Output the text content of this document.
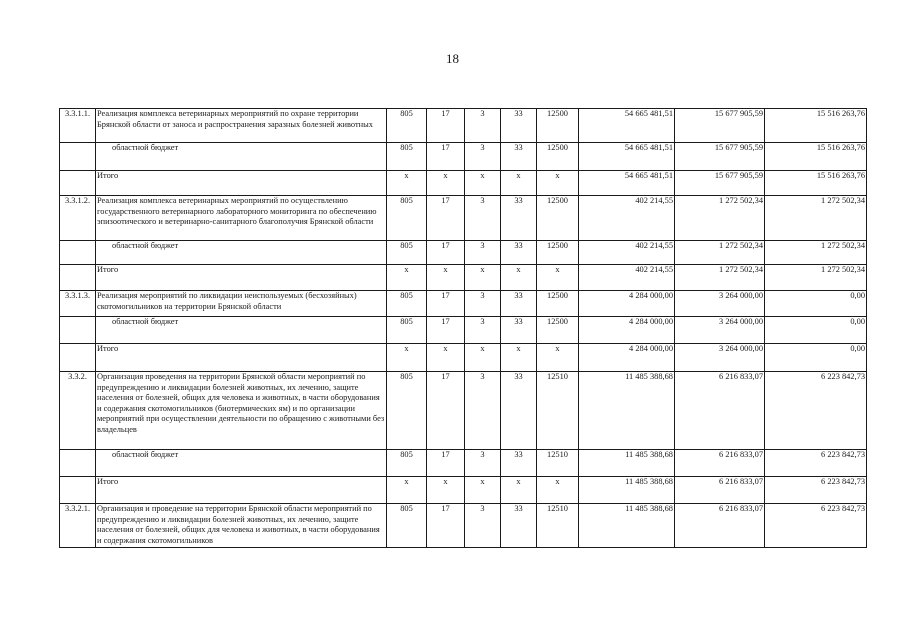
18
3.3.1.1.	Реализация комплекса ветеринарных мероприятий по охране территории Брянской области от заноса и распространения заразных болезней животных	805	17	3	33	12500	54 665 481,51	15 677 905,59	15 516 263,76
	областной бюджет	805	17	3	33	12500	54 665 481,51	15 677 905,59	15 516 263,76
	Итого	х	х	х	х	х	54 665 481,51	15 677 905,59	15 516 263,76
3.3.1.2.	Реализация комплекса ветеринарных мероприятий по осуществлению государственного ветеринарного лабораторного мониторинга по обеспечению эпизоотического и ветеринарно-санитарного благополучия Брянской области	805	17	3	33	12500	402 214,55	1 272 502,34	1 272 502,34
	областной бюджет	805	17	3	33	12500	402 214,55	1 272 502,34	1 272 502,34
	Итого	х	х	х	х	х	402 214,55	1 272 502,34	1 272 502,34
3.3.1.3.	Реализация мероприятий по ликвидации неиспользуемых (бесхозяйных) скотомогильников на территории Брянской области	805	17	3	33	12500	4 284 000,00	3 264 000,00	0,00
	областной бюджет	805	17	3	33	12500	4 284 000,00	3 264 000,00	0,00
	Итого	х	х	х	х	х	4 284 000,00	3 264 000,00	0,00
3.3.2.	Организация проведения на территории Брянской области мероприятий по предупреждению и ликвидации болезней животных, их лечению, защите населения от болезней, общих для человека и животных, в части оборудования и содержания скотомогильников (биотермических ям) и по организации мероприятий при осуществлении деятельности по обращению с животными без владельцев	805	17	3	33	12510	11 485 388,68	6 216 833,07	6 223 842,73
	областной бюджет	805	17	3	33	12510	11 485 388,68	6 216 833,07	6 223 842,73
	Итого	х	х	х	х	х	11 485 388,68	6 216 833,07	6 223 842,73
3.3.2.1.	Организация и проведение на территории Брянской области мероприятий по предупреждению и ликвидации болезней животных, их лечению, защите населения от болезней, общих для человека и животных, в части оборудования и содержания скотомогильников	805	17	3	33	12510	11 485 388,68	6 216 833,07	6 223 842,73
